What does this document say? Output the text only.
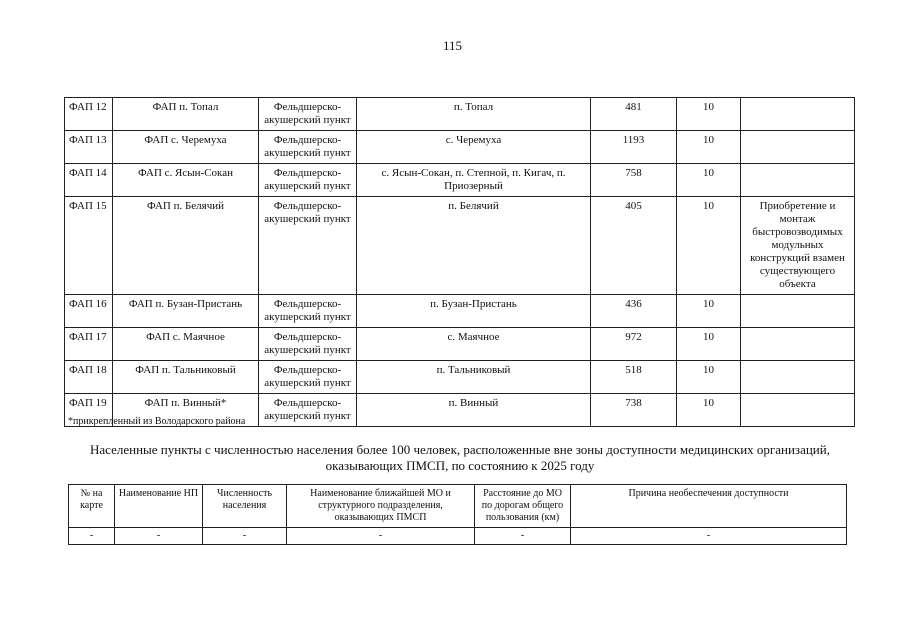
115
ФАП 12	ФАП п. Топал	Фельдшерско-акушерский пункт	п. Топал	481	10	
ФАП 13	ФАП с. Черемуха	Фельдшерско-акушерский пункт	с. Черемуха	1193	10	
ФАП 14	ФАП с. Ясын-Сокан	Фельдшерско-акушерский пункт	с. Ясын-Сокан, п. Степной, п. Кигач, п. Приозерный	758	10	
ФАП 15	ФАП п. Белячий	Фельдшерско-акушерский пункт	п. Белячий	405	10	Приобретение и монтаж быстровозводимых модульных конструкций взамен существующего объекта
ФАП 16	ФАП п. Бузан-Пристань	Фельдшерско-акушерский пункт	п. Бузан-Пристань	436	10	
ФАП 17	ФАП с. Маячное	Фельдшерско-акушерский пункт	с. Маячное	972	10	
ФАП 18	ФАП п. Тальниковый	Фельдшерско-акушерский пункт	п. Тальниковый	518	10	
ФАП 19	ФАП п. Винный*	Фельдшерско-акушерский пункт	п. Винный	738	10	
*прикрепленный из Володарского района
Населенные пункты с численностью населения более 100 человек, расположенные вне зоны доступности медицинских организаций, оказывающих ПМСП, по состоянию к 2025 году
№ на карте	Наименование НП	Численность населения	Наименование ближайшей МО и структурного подразделения, оказывающих ПМСП	Расстояние до МО по дорогам общего пользования (км)	Причина необеспечения доступности
-	-	-	-	-	-
